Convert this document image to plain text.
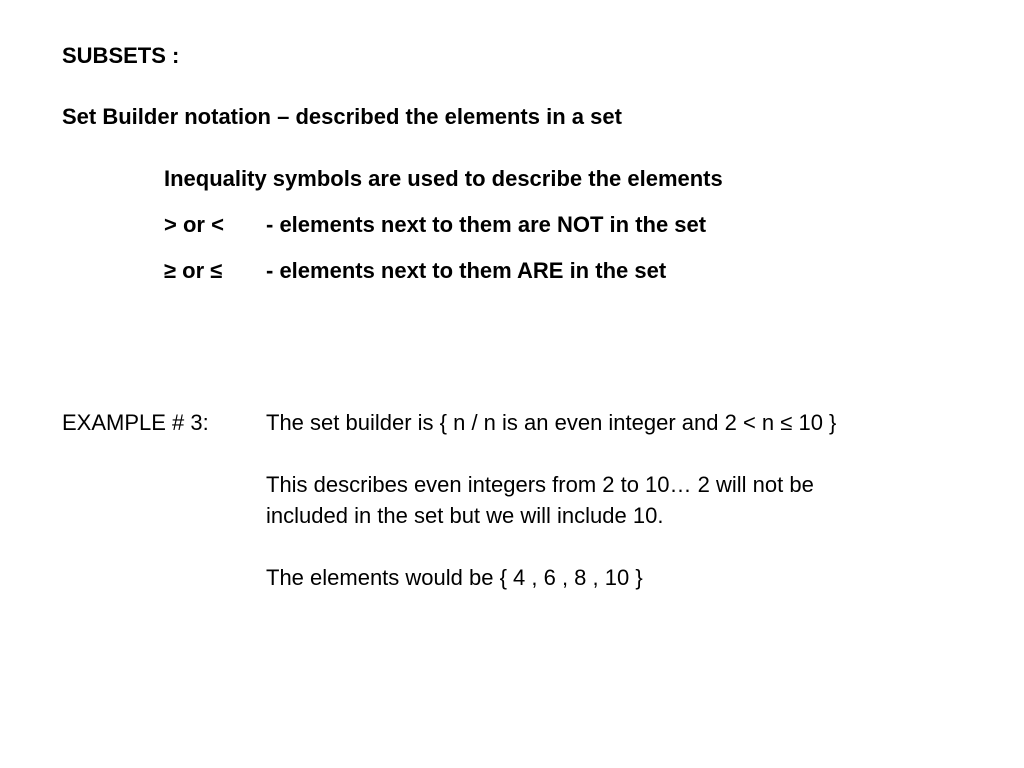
SUBSETS :
Set Builder notation – described the elements in a set
Inequality symbols are used to describe the elements
> or < - elements next to them are NOT in the set
≥ or ≤ - elements next to them ARE in the set
EXAMPLE # 3:	The set builder is { n / n is an even integer and 2 < n ≤ 10 }
This describes even integers from 2 to 10… 2 will not be
included in the set but we will include 10.
The elements would be { 4 , 6 , 8 , 10 }
